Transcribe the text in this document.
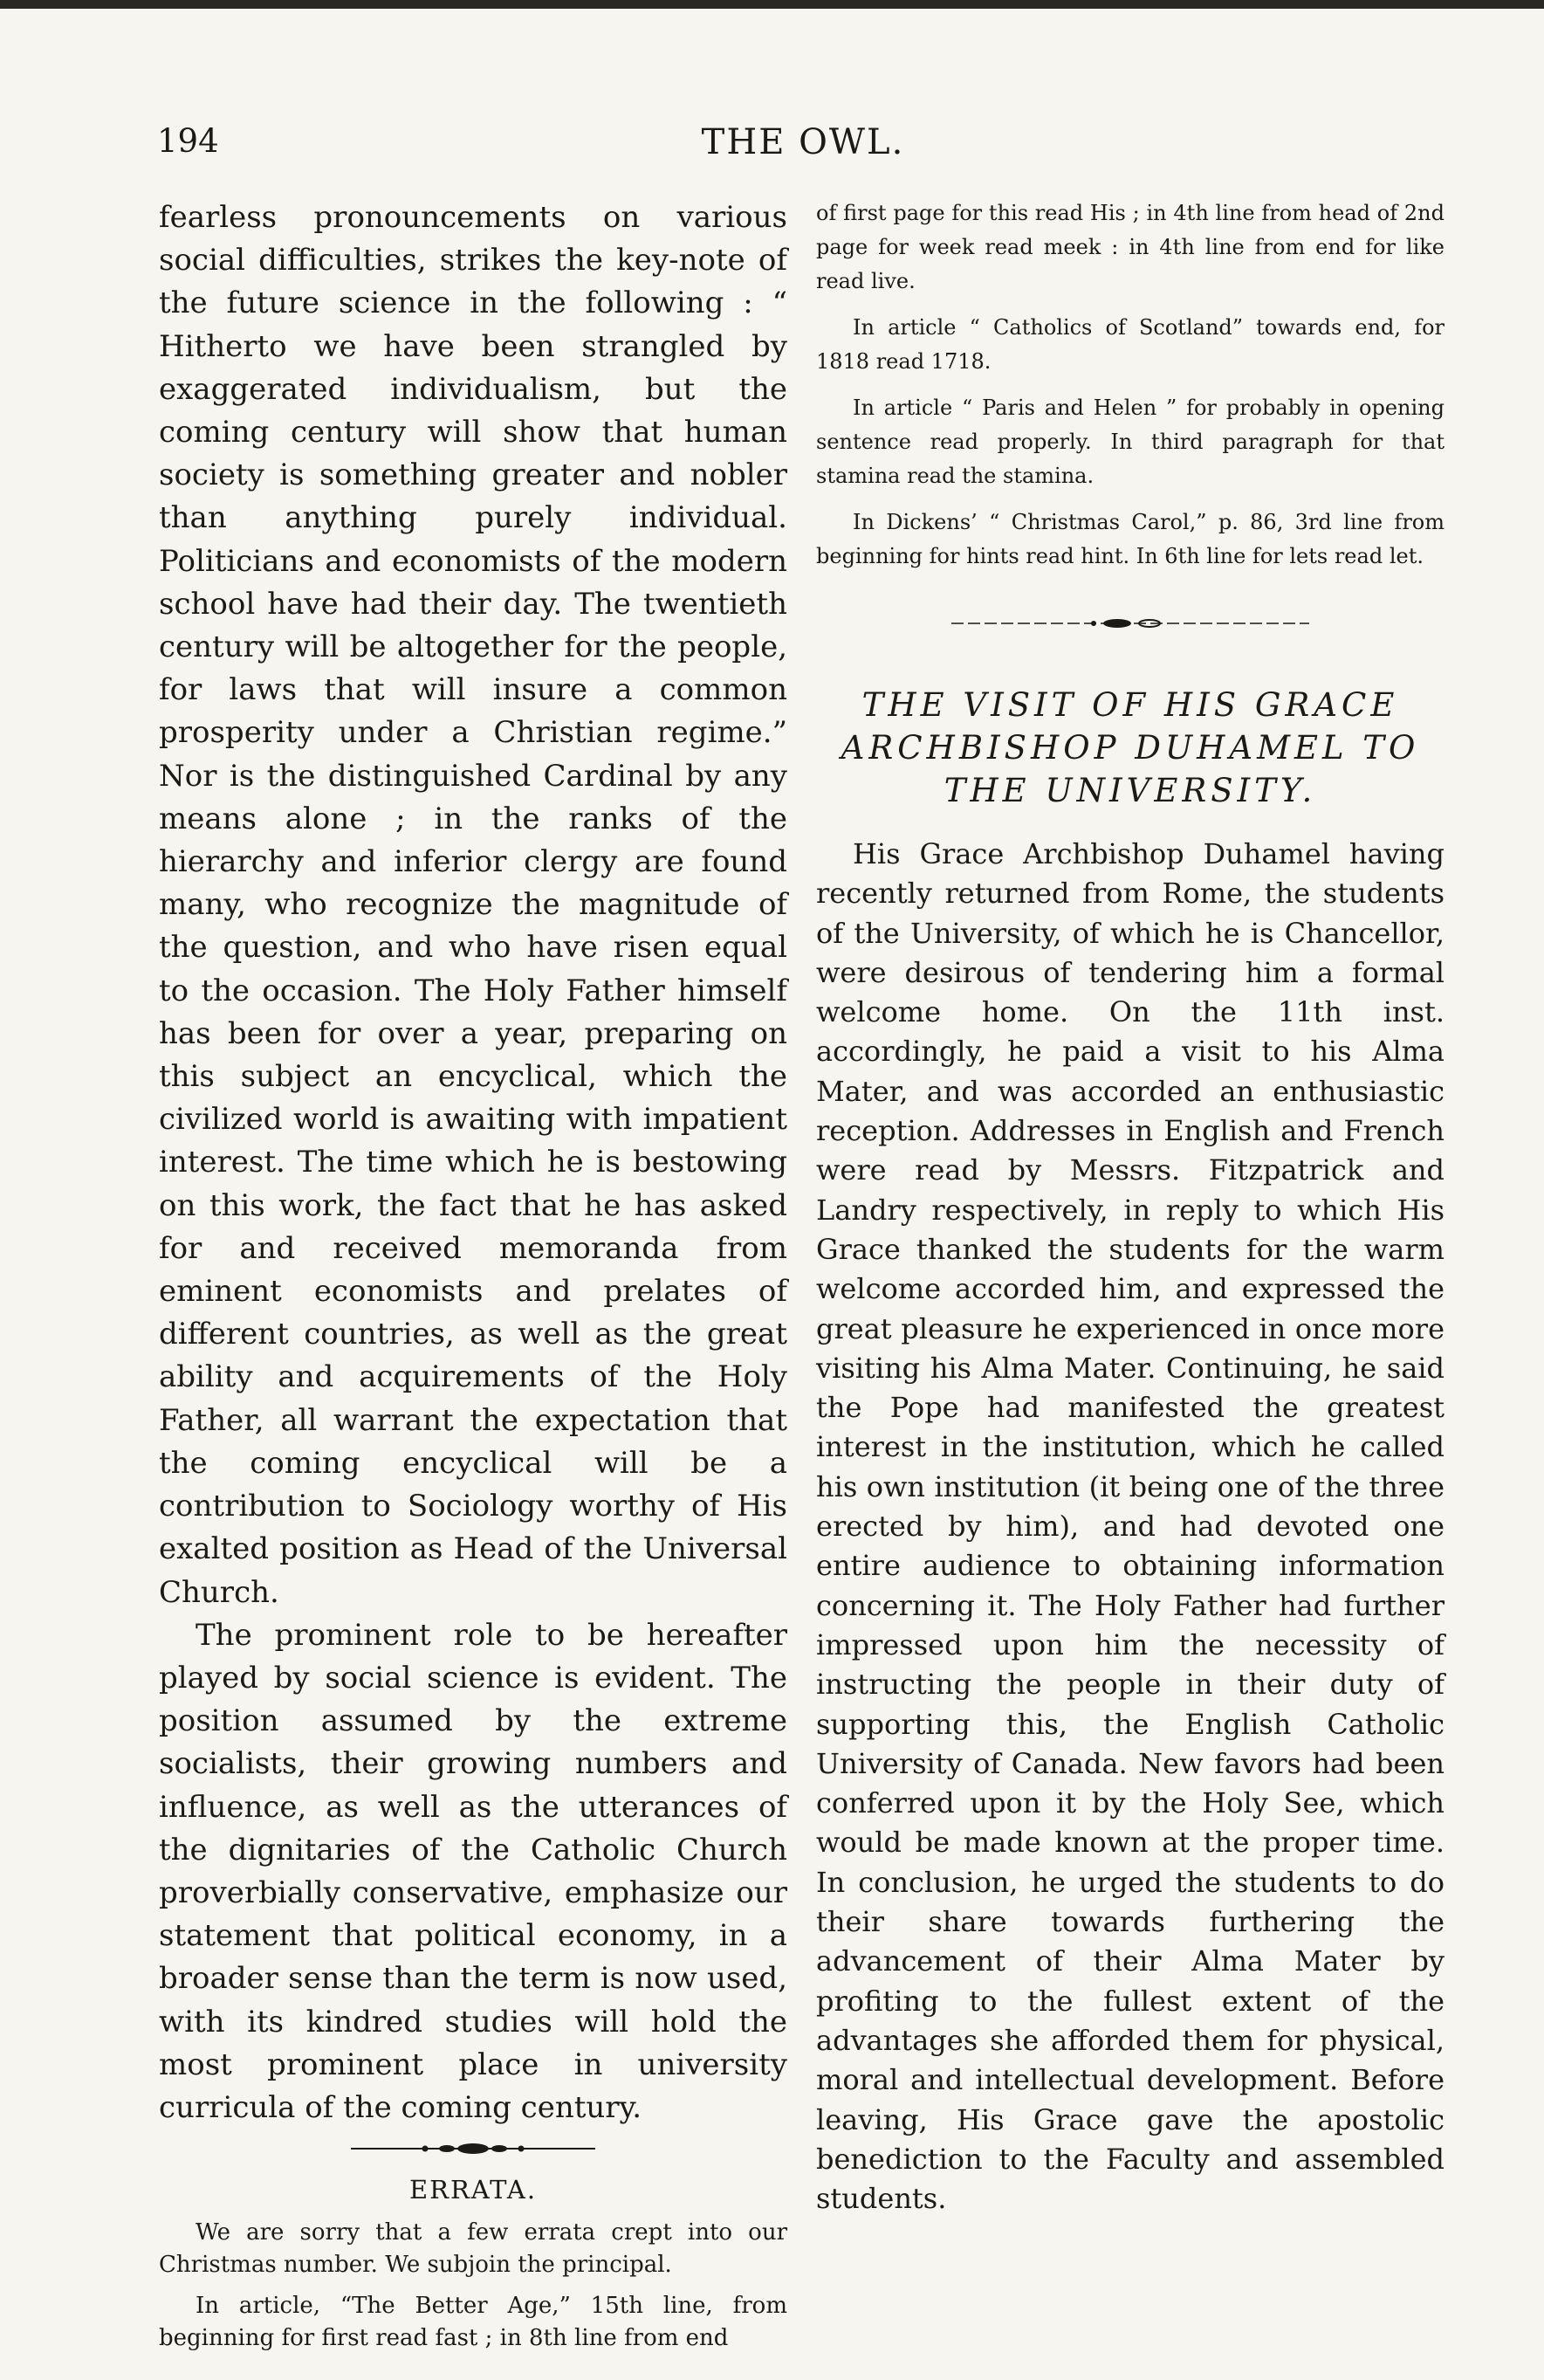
194	THE OWL.

fearless pronouncements on various social difficulties, strikes the key-note of the future science in the following : “ Hitherto we have been strangled by exaggerated individualism, but the coming century will show that human society is something greater and nobler than anything purely individual. Politicians and economists of the modern school have had their day. The twentieth century will be altogether for the people, for laws that will insure a common prosperity under a Christian regime.” Nor is the distinguished Cardinal by any means alone ; in the ranks of the hierarchy and inferior clergy are found many, who recognize the magnitude of the question, and who have risen equal to the occasion. The Holy Father himself has been for over a year, preparing on this subject an encyclical, which the civilized world is awaiting with impatient interest. The time which he is bestowing on this work, the fact that he has asked for and received memoranda from eminent economists and prelates of different countries, as well as the great ability and acquirements of the Holy Father, all warrant the expectation that the coming encyclical will be a contribution to Sociology worthy of His exalted position as Head of the Universal Church.

The prominent role to be hereafter played by social science is evident. The position assumed by the extreme socialists, their growing numbers and influence, as well as the utterances of the dignitaries of the Catholic Church proverbially conservative, emphasize our statement that political economy, in a broader sense than the term is now used, with its kindred studies will hold the most prominent place in university curricula of the coming century.

ERRATA.

We are sorry that a few errata crept into our Christmas number. We subjoin the principal.

In article, “The Better Age,” 15th line, from beginning for first read fast ; in 8th line from end

of first page for this read His ; in 4th line from head of 2nd page for week read meek : in 4th line from end for like read live.

In article “ Catholics of Scotland” towards end, for 1818 read 1718.

In article “ Paris and Helen ” for probably in opening sentence read properly. In third paragraph for that stamina read the stamina.

In Dickens’ “ Christmas Carol,” p. 86, 3rd line from beginning for hints read hint. In 6th line for lets read let.

THE VISIT OF HIS GRACE
ARCHBISHOP DUHAMEL TO
THE UNIVERSITY.

His Grace Archbishop Duhamel having recently returned from Rome, the students of the University, of which he is Chancellor, were desirous of tendering him a formal welcome home. On the 11th inst. accordingly, he paid a visit to his Alma Mater, and was accorded an enthusiastic reception. Addresses in English and French were read by Messrs. Fitzpatrick and Landry respectively, in reply to which His Grace thanked the students for the warm welcome accorded him, and expressed the great pleasure he experienced in once more visiting his Alma Mater. Continuing, he said the Pope had manifested the greatest interest in the institution, which he called his own institution (it being one of the three erected by him), and had devoted one entire audience to obtaining information concerning it. The Holy Father had further impressed upon him the necessity of instructing the people in their duty of supporting this, the English Catholic University of Canada. New favors had been conferred upon it by the Holy See, which would be made known at the proper time. In conclusion, he urged the students to do their share towards furthering the advancement of their Alma Mater by profiting to the fullest extent of the advantages she afforded them for physical, moral and intellectual development. Before leaving, His Grace gave the apostolic benediction to the Faculty and assembled students.
